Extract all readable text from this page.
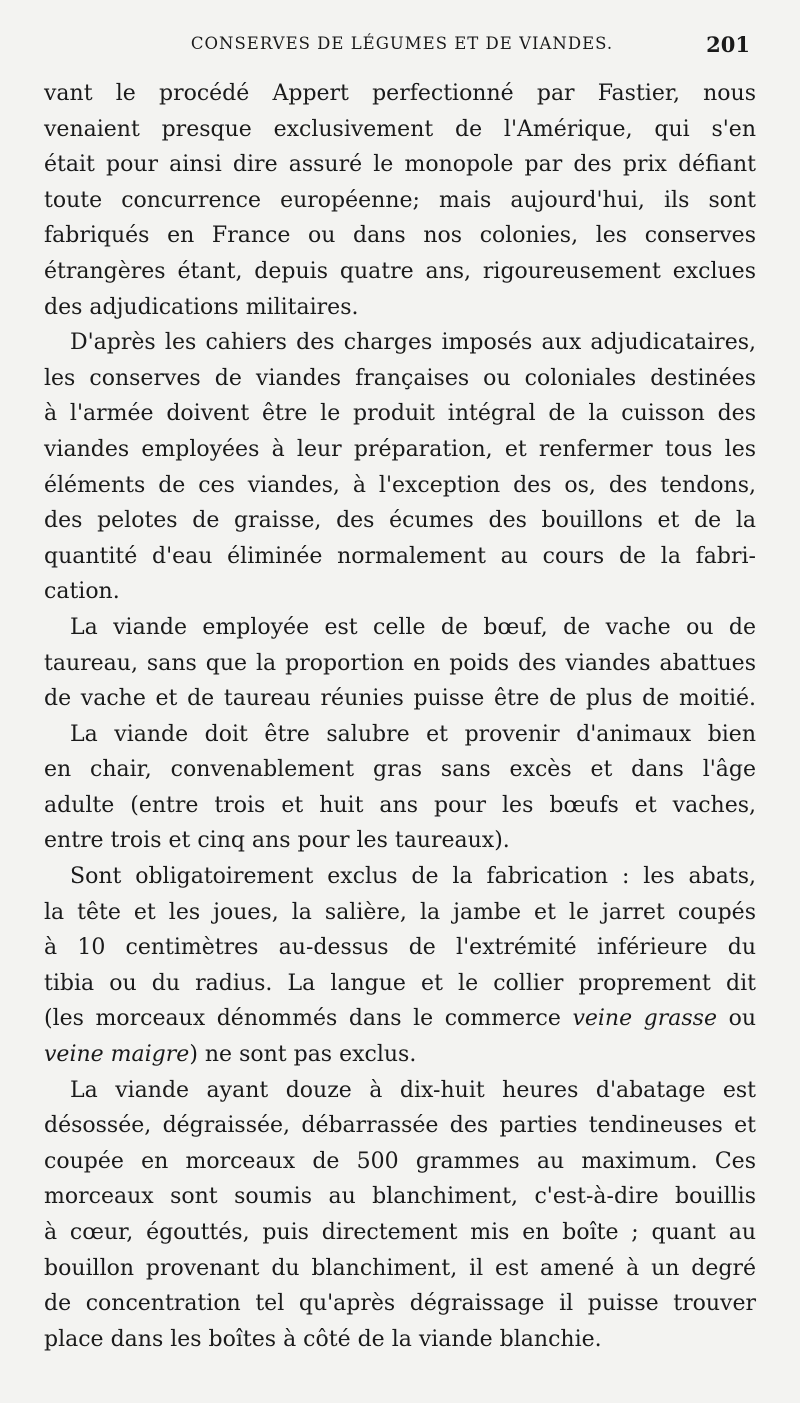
CONSERVES DE LÉGUMES ET DE VIANDES.	201
vant le procédé Appert perfectionné par Fastier, nous
venaient presque exclusivement de l'Amérique, qui s'en
était pour ainsi dire assuré le monopole par des prix défiant
toute concurrence européenne; mais aujourd'hui, ils sont
fabriqués en France ou dans nos colonies, les conserves
étrangères étant, depuis quatre ans, rigoureusement exclues
des adjudications militaires.
D'après les cahiers des charges imposés aux adjudicataires,
les conserves de viandes françaises ou coloniales destinées
à l'armée doivent être le produit intégral de la cuisson des
viandes employées à leur préparation, et renfermer tous les
éléments de ces viandes, à l'exception des os, des tendons,
des pelotes de graisse, des écumes des bouillons et de la
quantité d'eau éliminée normalement au cours de la fabri-
cation.
La viande employée est celle de bœuf, de vache ou de
taureau, sans que la proportion en poids des viandes abattues
de vache et de taureau réunies puisse être de plus de moitié.
La viande doit être salubre et provenir d'animaux bien
en chair, convenablement gras sans excès et dans l'âge
adulte (entre trois et huit ans pour les bœufs et vaches,
entre trois et cinq ans pour les taureaux).
Sont obligatoirement exclus de la fabrication : les abats,
la tête et les joues, la salière, la jambe et le jarret coupés
à 10 centimètres au-dessus de l'extrémité inférieure du
tibia ou du radius. La langue et le collier proprement dit
(les morceaux dénommés dans le commerce veine grasse ou
veine maigre) ne sont pas exclus.
La viande ayant douze à dix-huit heures d'abatage est
désossée, dégraissée, débarrassée des parties tendineuses et
coupée en morceaux de 500 grammes au maximum. Ces
morceaux sont soumis au blanchiment, c'est-à-dire bouillis
à cœur, égouttés, puis directement mis en boîte ; quant au
bouillon provenant du blanchiment, il est amené à un degré
de concentration tel qu'après dégraissage il puisse trouver
place dans les boîtes à côté de la viande blanchie.
